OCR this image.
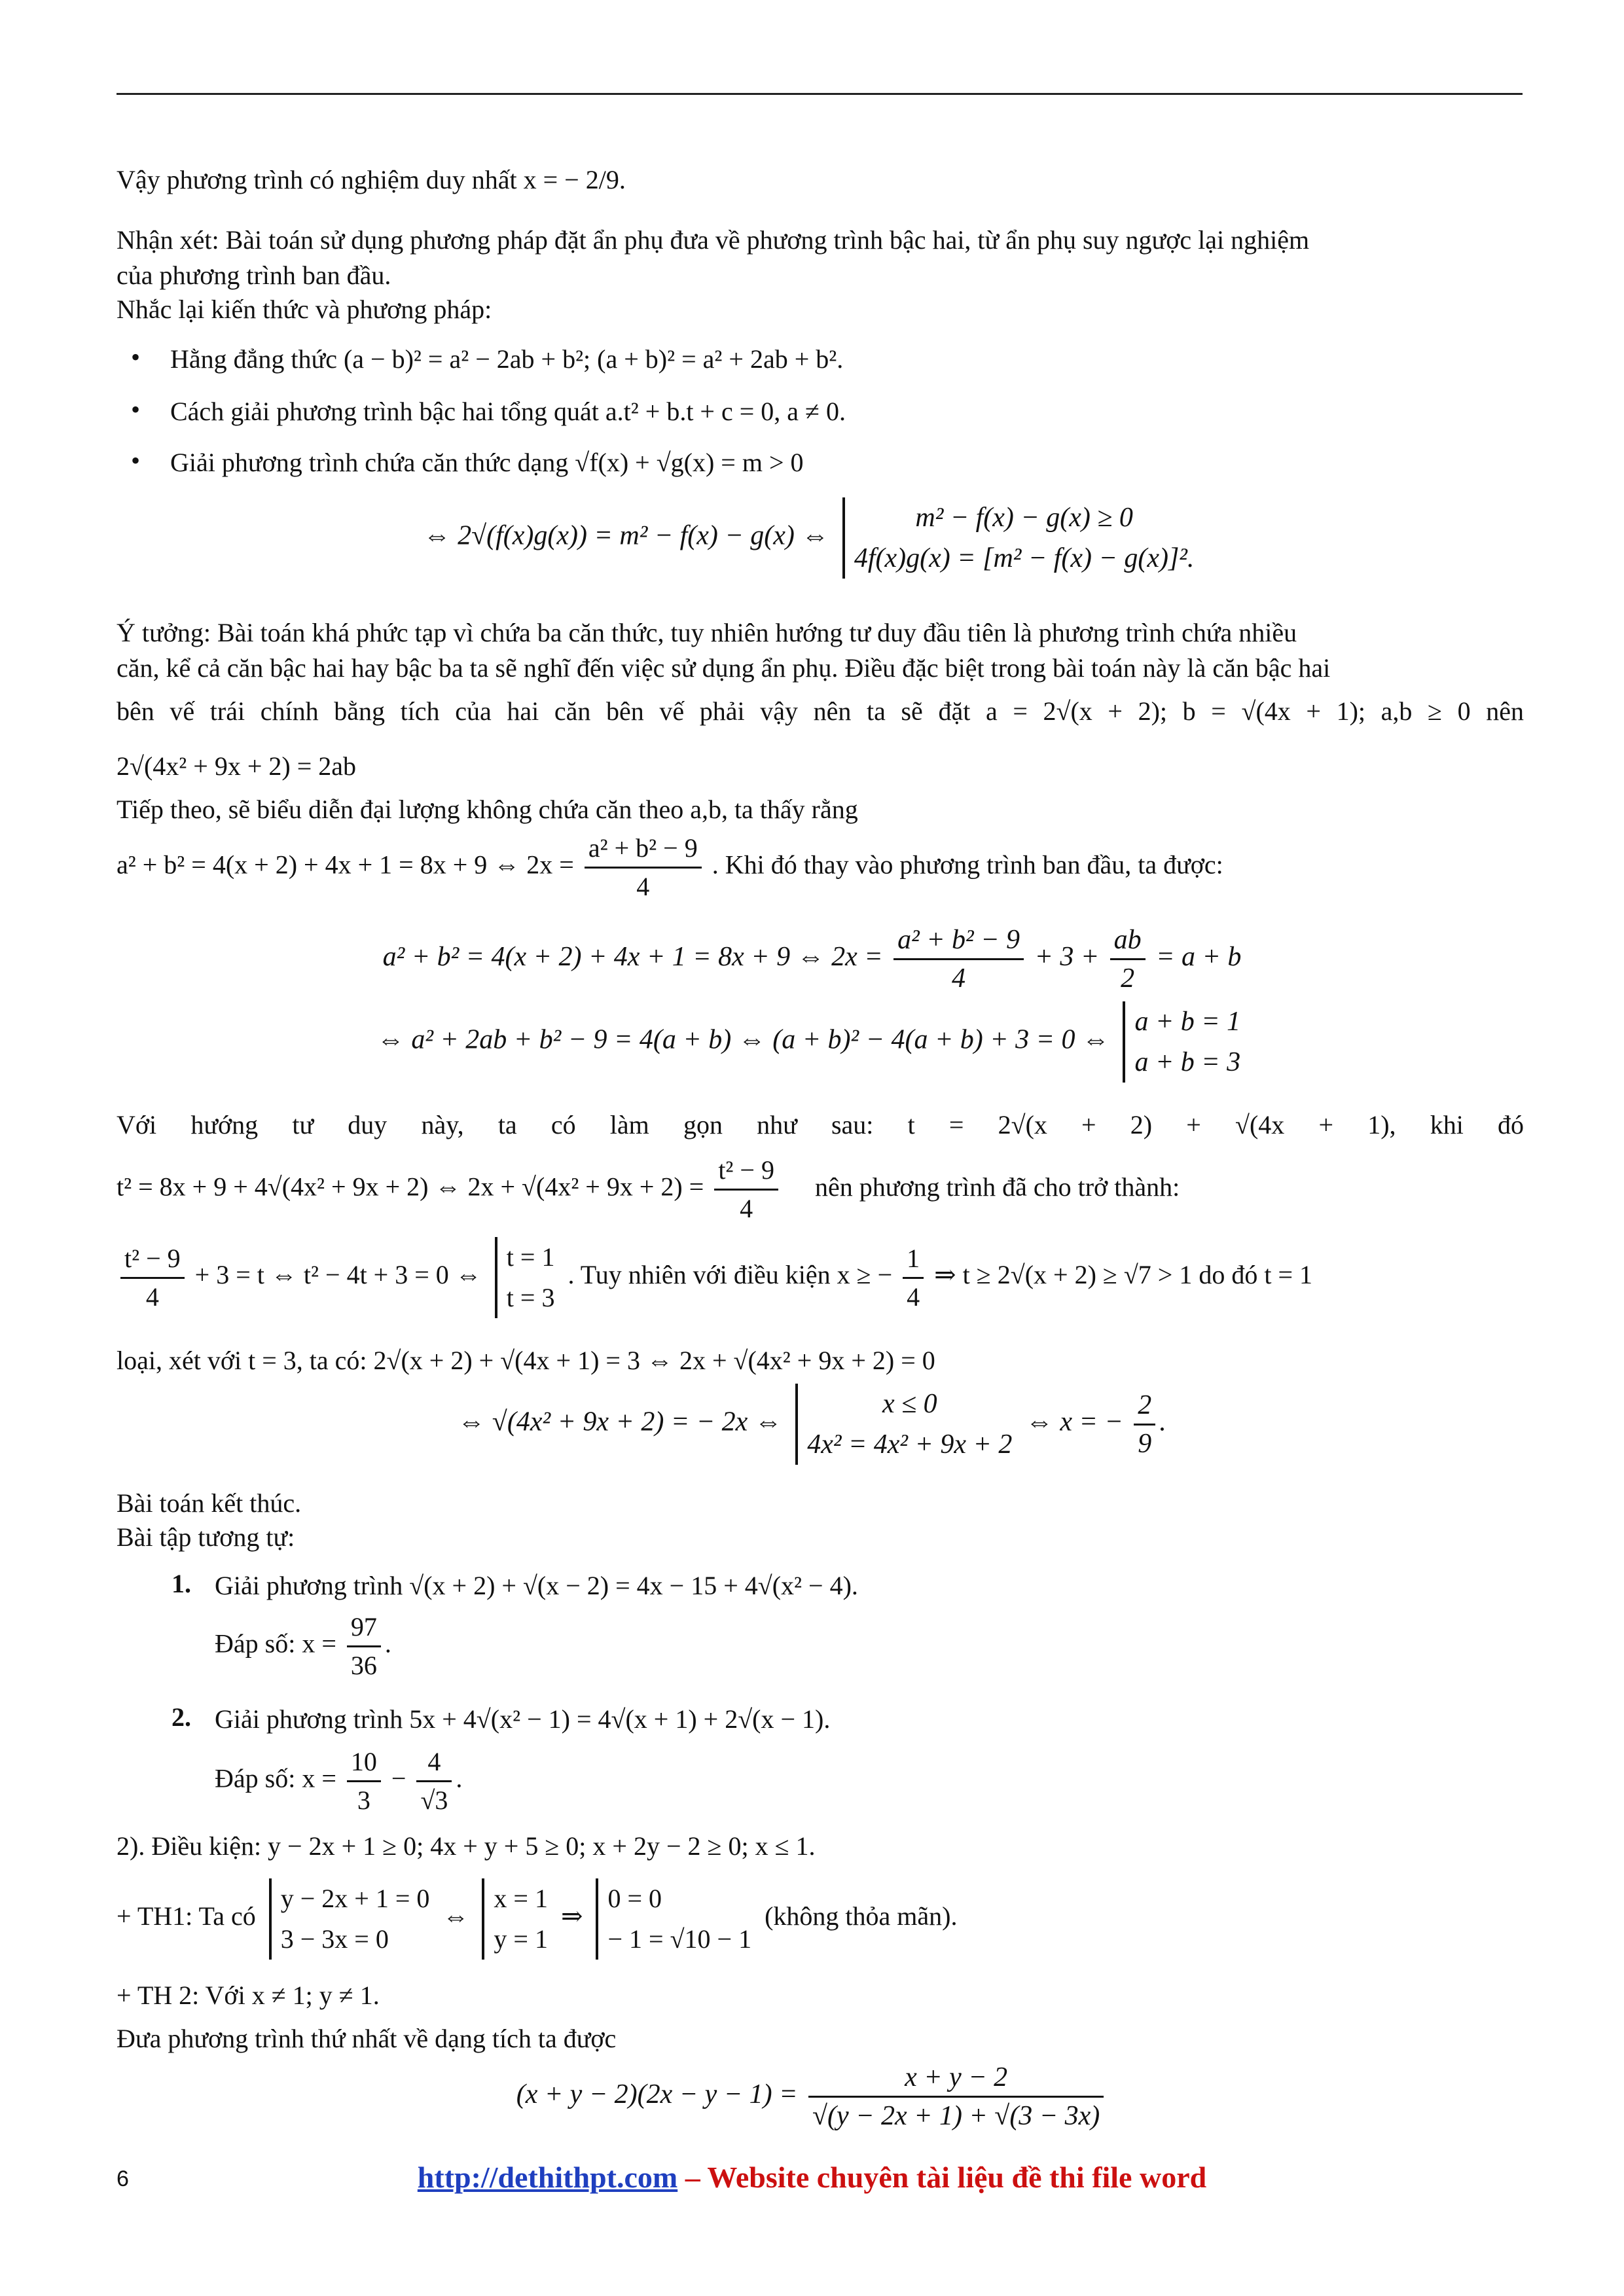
Vậy phương trình có nghiệm duy nhất x = − 2/9.
Nhận xét: Bài toán sử dụng phương pháp đặt ẩn phụ đưa về phương trình bậc hai, từ ẩn phụ suy ngược lại nghiệm
của phương trình ban đầu.
Nhắc lại kiến thức và phương pháp:
• Hằng đẳng thức (a − b)² = a² − 2ab + b²; (a + b)² = a² + 2ab + b².
• Cách giải phương trình bậc hai tổng quát a.t² + b.t + c = 0, a ≠ 0.
• Giải phương trình chứa căn thức dạng √f(x) + √g(x) = m > 0
⇔ 2√(f(x)g(x)) = m² − f(x) − g(x) ⇔
m² − f(x) − g(x) ≥ 0
4f(x)g(x) = [m² − f(x) − g(x)]².
Ý tưởng: Bài toán khá phức tạp vì chứa ba căn thức, tuy nhiên hướng tư duy đầu tiên là phương trình chứa nhiều
căn, kể cả căn bậc hai hay bậc ba ta sẽ nghĩ đến việc sử dụng ẩn phụ. Điều đặc biệt trong bài toán này là căn bậc hai
bên vế trái chính bằng tích của hai căn bên vế phải vậy nên ta sẽ đặt a = 2√(x + 2); b = √(4x + 1); a,b ≥ 0 nên
2√(4x² + 9x + 2) = 2ab
Tiếp theo, sẽ biểu diễn đại lượng không chứa căn theo a,b, ta thấy rằng
a² + b² = 4(x + 2) + 4x + 1 = 8x + 9 ⇔ $2x = \frac{\text{a² + b² − 9}}{4}$ . Khi đó thay vào phương trình ban đầu, ta được:
a² + b² = 4(x + 2) + 4x + 1 = 8x + 9 ⇔ $2x = \frac{\text{a² + b² − 9}}{4} + 3 + \frac{ab}{2} = a + b$
⇔ a² + 2ab + b² − 9 = 4(a + b) ⇔ (a + b)² − 4(a + b) + 3 = 0 ⇔
a + b = 1
a + b = 3
Với hướng tư duy này, ta có làm gọn như sau: t = 2√(x + 2) + √(4x + 1), khi đó
t² = 8x + 9 + 4√(4x² + 9x + 2) ⇔ $2x + √(4x^2 + 9x + 2) = \frac{\text{t² − 9}}{4}$ nên phương trình đã cho trở thành:
$\frac{\text{t² − 9}}{4} + 3 = t$ ⇔ t² − 4t + 3 = 0 ⇔
t = 1
t = 3
. Tuy nhiên với điều kiện x ≥ − $\frac{1}{4}$ ⇒ t ≥ 2√(x + 2) ≥ √7 > 1 do đó t = 1
loại, xét với t = 3, ta có: 2√(x + 2) + √(4x + 1) = 3 ⇔ 2x + √(4x² + 9x + 2) = 0
⇔ √(4x² + 9x + 2) = − 2x ⇔
x ≤ 0
4x² = 4x² + 9x + 2
⇔ x = − $\frac{2}{9}$ .
Bài toán kết thúc.
Bài tập tương tự:
1. Giải phương trình √(x + 2) + √(x − 2) = 4x − 15 + 4√(x² − 4).
Đáp số: $x = \frac{97}{36}$ .
2. Giải phương trình 5x + 4√(x² − 1) = 4√(x + 1) + 2√(x − 1).
Đáp số: $x = \frac{10}{3} - \frac{4}{√3}$ .
2). Điều kiện: y − 2x + 1 ≥ 0; 4x + y + 5 ≥ 0; x + 2y − 2 ≥ 0; x ≤ 1.
+ TH1: Ta có
y − 2x + 1 = 0
3 − 3x = 0
⇔
x = 1
y = 1
⇒
0 = 0
− 1 = √10 − 1
(không thỏa mãn).
+ TH 2: Với x ≠ 1; y ≠ 1.
Đưa phương trình thứ nhất về dạng tích ta được
$(x + y - 2)(2x - y - 1) = \frac{x + y - 2}{√(y - 2x + 1) + √(3 - 3x)}$
6	http://dethithpt.com – Website chuyên tài liệu đề thi file word
